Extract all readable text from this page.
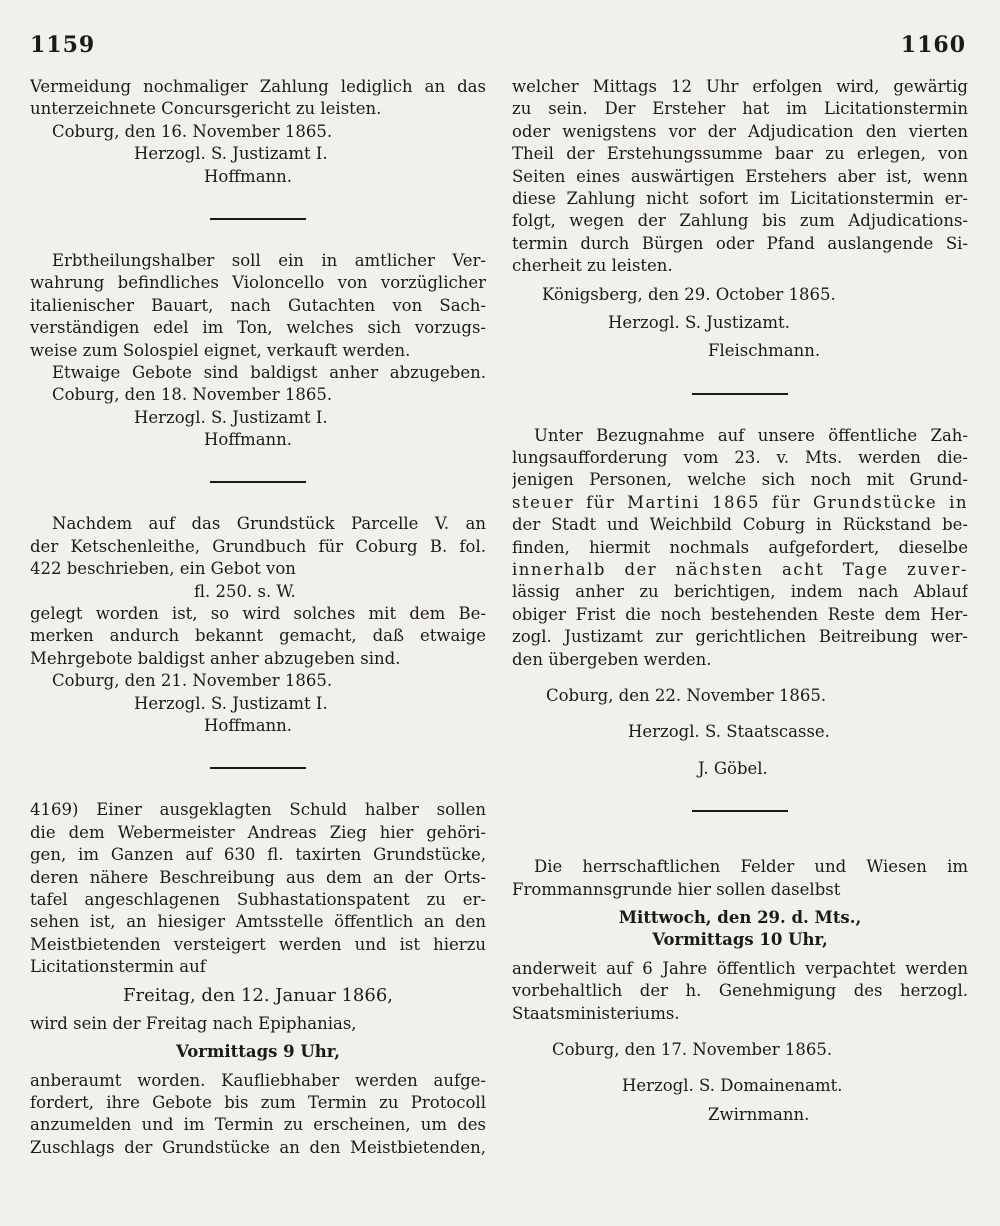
1159	1160
Vermeidung nochmaliger Zahlung lediglich an das
unterzeichnete Concursgericht zu leisten.
Coburg, den 16. November 1865.
Herzogl. S. Justizamt I.
Hoffmann.
Erbtheilungshalber soll ein in amtlicher Ver-
wahrung befindliches Violoncello von vorzüglicher
italienischer Bauart, nach Gutachten von Sach-
verständigen edel im Ton, welches sich vorzugs-
weise zum Solospiel eignet, verkauft werden.
Etwaige Gebote sind baldigst anher abzugeben.
Coburg, den 18. November 1865.
Herzogl. S. Justizamt I.
Hoffmann.
Nachdem auf das Grundstück Parcelle V. an
der Ketschenleithe, Grundbuch für Coburg B. fol.
422 beschrieben, ein Gebot von
fl. 250. s. W.
gelegt worden ist, so wird solches mit dem Be-
merken andurch bekannt gemacht, daß etwaige
Mehrgebote baldigst anher abzugeben sind.
Coburg, den 21. November 1865.
Herzogl. S. Justizamt I.
Hoffmann.
4169) Einer ausgeklagten Schuld halber sollen
die dem Webermeister Andreas Zieg hier gehöri-
gen, im Ganzen auf 630 fl. taxirten Grundstücke,
deren nähere Beschreibung aus dem an der Orts-
tafel angeschlagenen Subhastationspatent zu er-
sehen ist, an hiesiger Amtsstelle öffentlich an den
Meistbietenden versteigert werden und ist hierzu
Licitationstermin auf
Freitag, den 12. Januar 1866,
wird sein der Freitag nach Epiphanias,
Vormittags 9 Uhr,
anberaumt worden. Kaufliebhaber werden aufge-
fordert, ihre Gebote bis zum Termin zu Protocoll
anzumelden und im Termin zu erscheinen, um des
Zuschlags der Grundstücke an den Meistbietenden,
welcher Mittags 12 Uhr erfolgen wird, gewärtig
zu sein. Der Ersteher hat im Licitationstermin
oder wenigstens vor der Adjudication den vierten
Theil der Erstehungssumme baar zu erlegen, von
Seiten eines auswärtigen Erstehers aber ist, wenn
diese Zahlung nicht sofort im Licitationstermin er-
folgt, wegen der Zahlung bis zum Adjudications-
termin durch Bürgen oder Pfand auslangende Si-
cherheit zu leisten.
Königsberg, den 29. October 1865.
Herzogl. S. Justizamt.
Fleischmann.
Unter Bezugnahme auf unsere öffentliche Zah-
lungsaufforderung vom 23. v. Mts. werden die-
jenigen Personen, welche sich noch mit Grund-
steuer für Martini 1865 für Grundstücke in
der Stadt und Weichbild Coburg in Rückstand be-
finden, hiermit nochmals aufgefordert, dieselbe
innerhalb der nächsten acht Tage zuver-
lässig anher zu berichtigen, indem nach Ablauf
obiger Frist die noch bestehenden Reste dem Her-
zogl. Justizamt zur gerichtlichen Beitreibung wer-
den übergeben werden.
Coburg, den 22. November 1865.
Herzogl. S. Staatscasse.
J. Göbel.
Die herrschaftlichen Felder und Wiesen im
Frommannsgrunde hier sollen daselbst
Mittwoch, den 29. d. Mts.,
Vormittags 10 Uhr,
anderweit auf 6 Jahre öffentlich verpachtet werden
vorbehaltlich der h. Genehmigung des herzogl.
Staatsministeriums.
Coburg, den 17. November 1865.
Herzogl. S. Domainenamt.
Zwirnmann.
